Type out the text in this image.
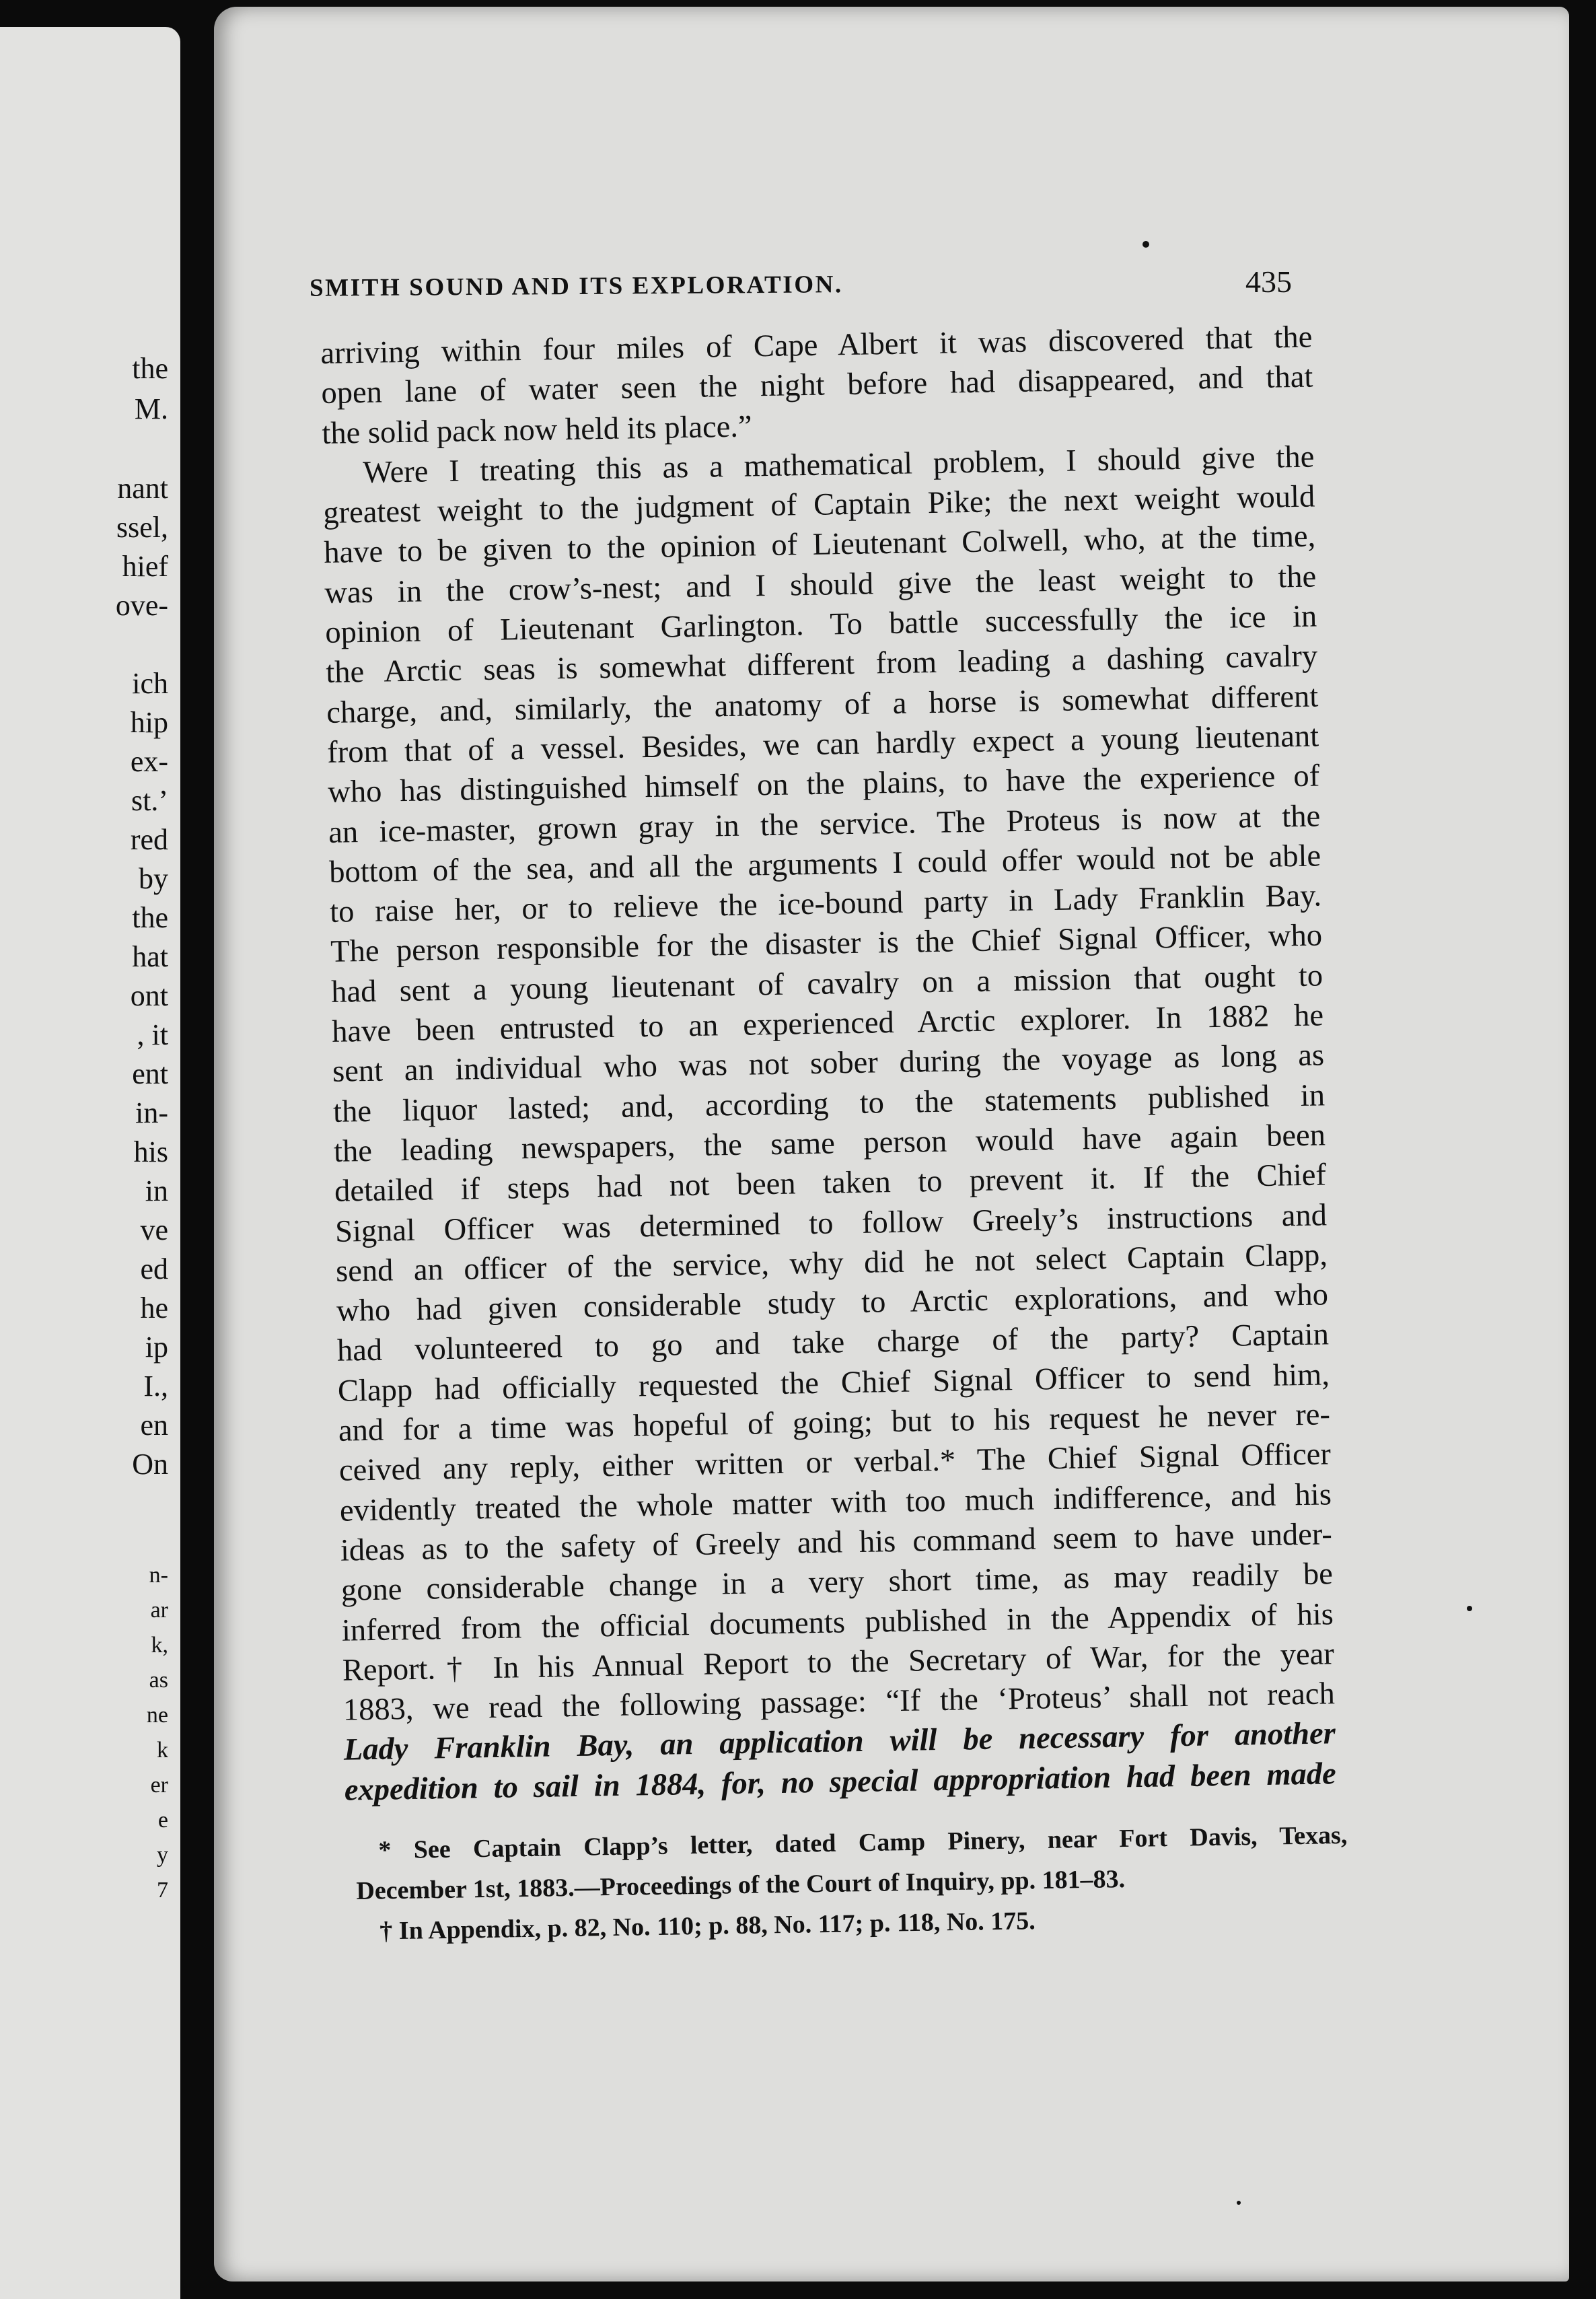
the
M.
nant
ssel,
hief
ove-
ich
hip
ex-
st.’
red
by
the
hat
ont
, it
ent
in-
his
in
ve
ed
he
ip
I.,
en
On
n-
ar
k,
as
ne
k
er
e
y
7
SMITH SOUND AND ITS EXPLORATION.	435
arriving within four miles of Cape Albert it was discovered that the
open lane of water seen the night before had disappeared, and that
the solid pack now held its place.”
Were I treating this as a mathematical problem, I should give the
greatest weight to the judgment of Captain Pike; the next weight would
have to be given to the opinion of Lieutenant Colwell, who, at the time,
was in the crow’s-nest; and I should give the least weight to the
opinion of Lieutenant Garlington. To battle successfully the ice in
the Arctic seas is somewhat different from leading a dashing cavalry
charge, and, similarly, the anatomy of a horse is somewhat different
from that of a vessel. Besides, we can hardly expect a young lieutenant
who has distinguished himself on the plains, to have the experience of
an ice-master, grown gray in the service. The Proteus is now at the
bottom of the sea, and all the arguments I could offer would not be able
to raise her, or to relieve the ice-bound party in Lady Franklin Bay.
The person responsible for the disaster is the Chief Signal Officer, who
had sent a young lieutenant of cavalry on a mission that ought to
have been entrusted to an experienced Arctic explorer. In 1882 he
sent an individual who was not sober during the voyage as long as
the liquor lasted; and, according to the statements published in
the leading newspapers, the same person would have again been
detailed if steps had not been taken to prevent it. If the Chief
Signal Officer was determined to follow Greely’s instructions and
send an officer of the service, why did he not select Captain Clapp,
who had given considerable study to Arctic explorations, and who
had volunteered to go and take charge of the party? Captain
Clapp had officially requested the Chief Signal Officer to send him,
and for a time was hopeful of going; but to his request he never re-
ceived any reply, either written or verbal.* The Chief Signal Officer
evidently treated the whole matter with too much indifference, and his
ideas as to the safety of Greely and his command seem to have under-
gone considerable change in a very short time, as may readily be
inferred from the official documents published in the Appendix of his
Report.† In his Annual Report to the Secretary of War, for the year
1883, we read the following passage: “If the ‘Proteus’ shall not reach
Lady Franklin Bay, an application will be necessary for another
expedition to sail in 1884, for, no special appropriation had been made
* See Captain Clapp’s letter, dated Camp Pinery, near Fort Davis, Texas,
December 1st, 1883.—Proceedings of the Court of Inquiry, pp. 181–83.
† In Appendix, p. 82, No. 110; p. 88, No. 117; p. 118, No. 175.
